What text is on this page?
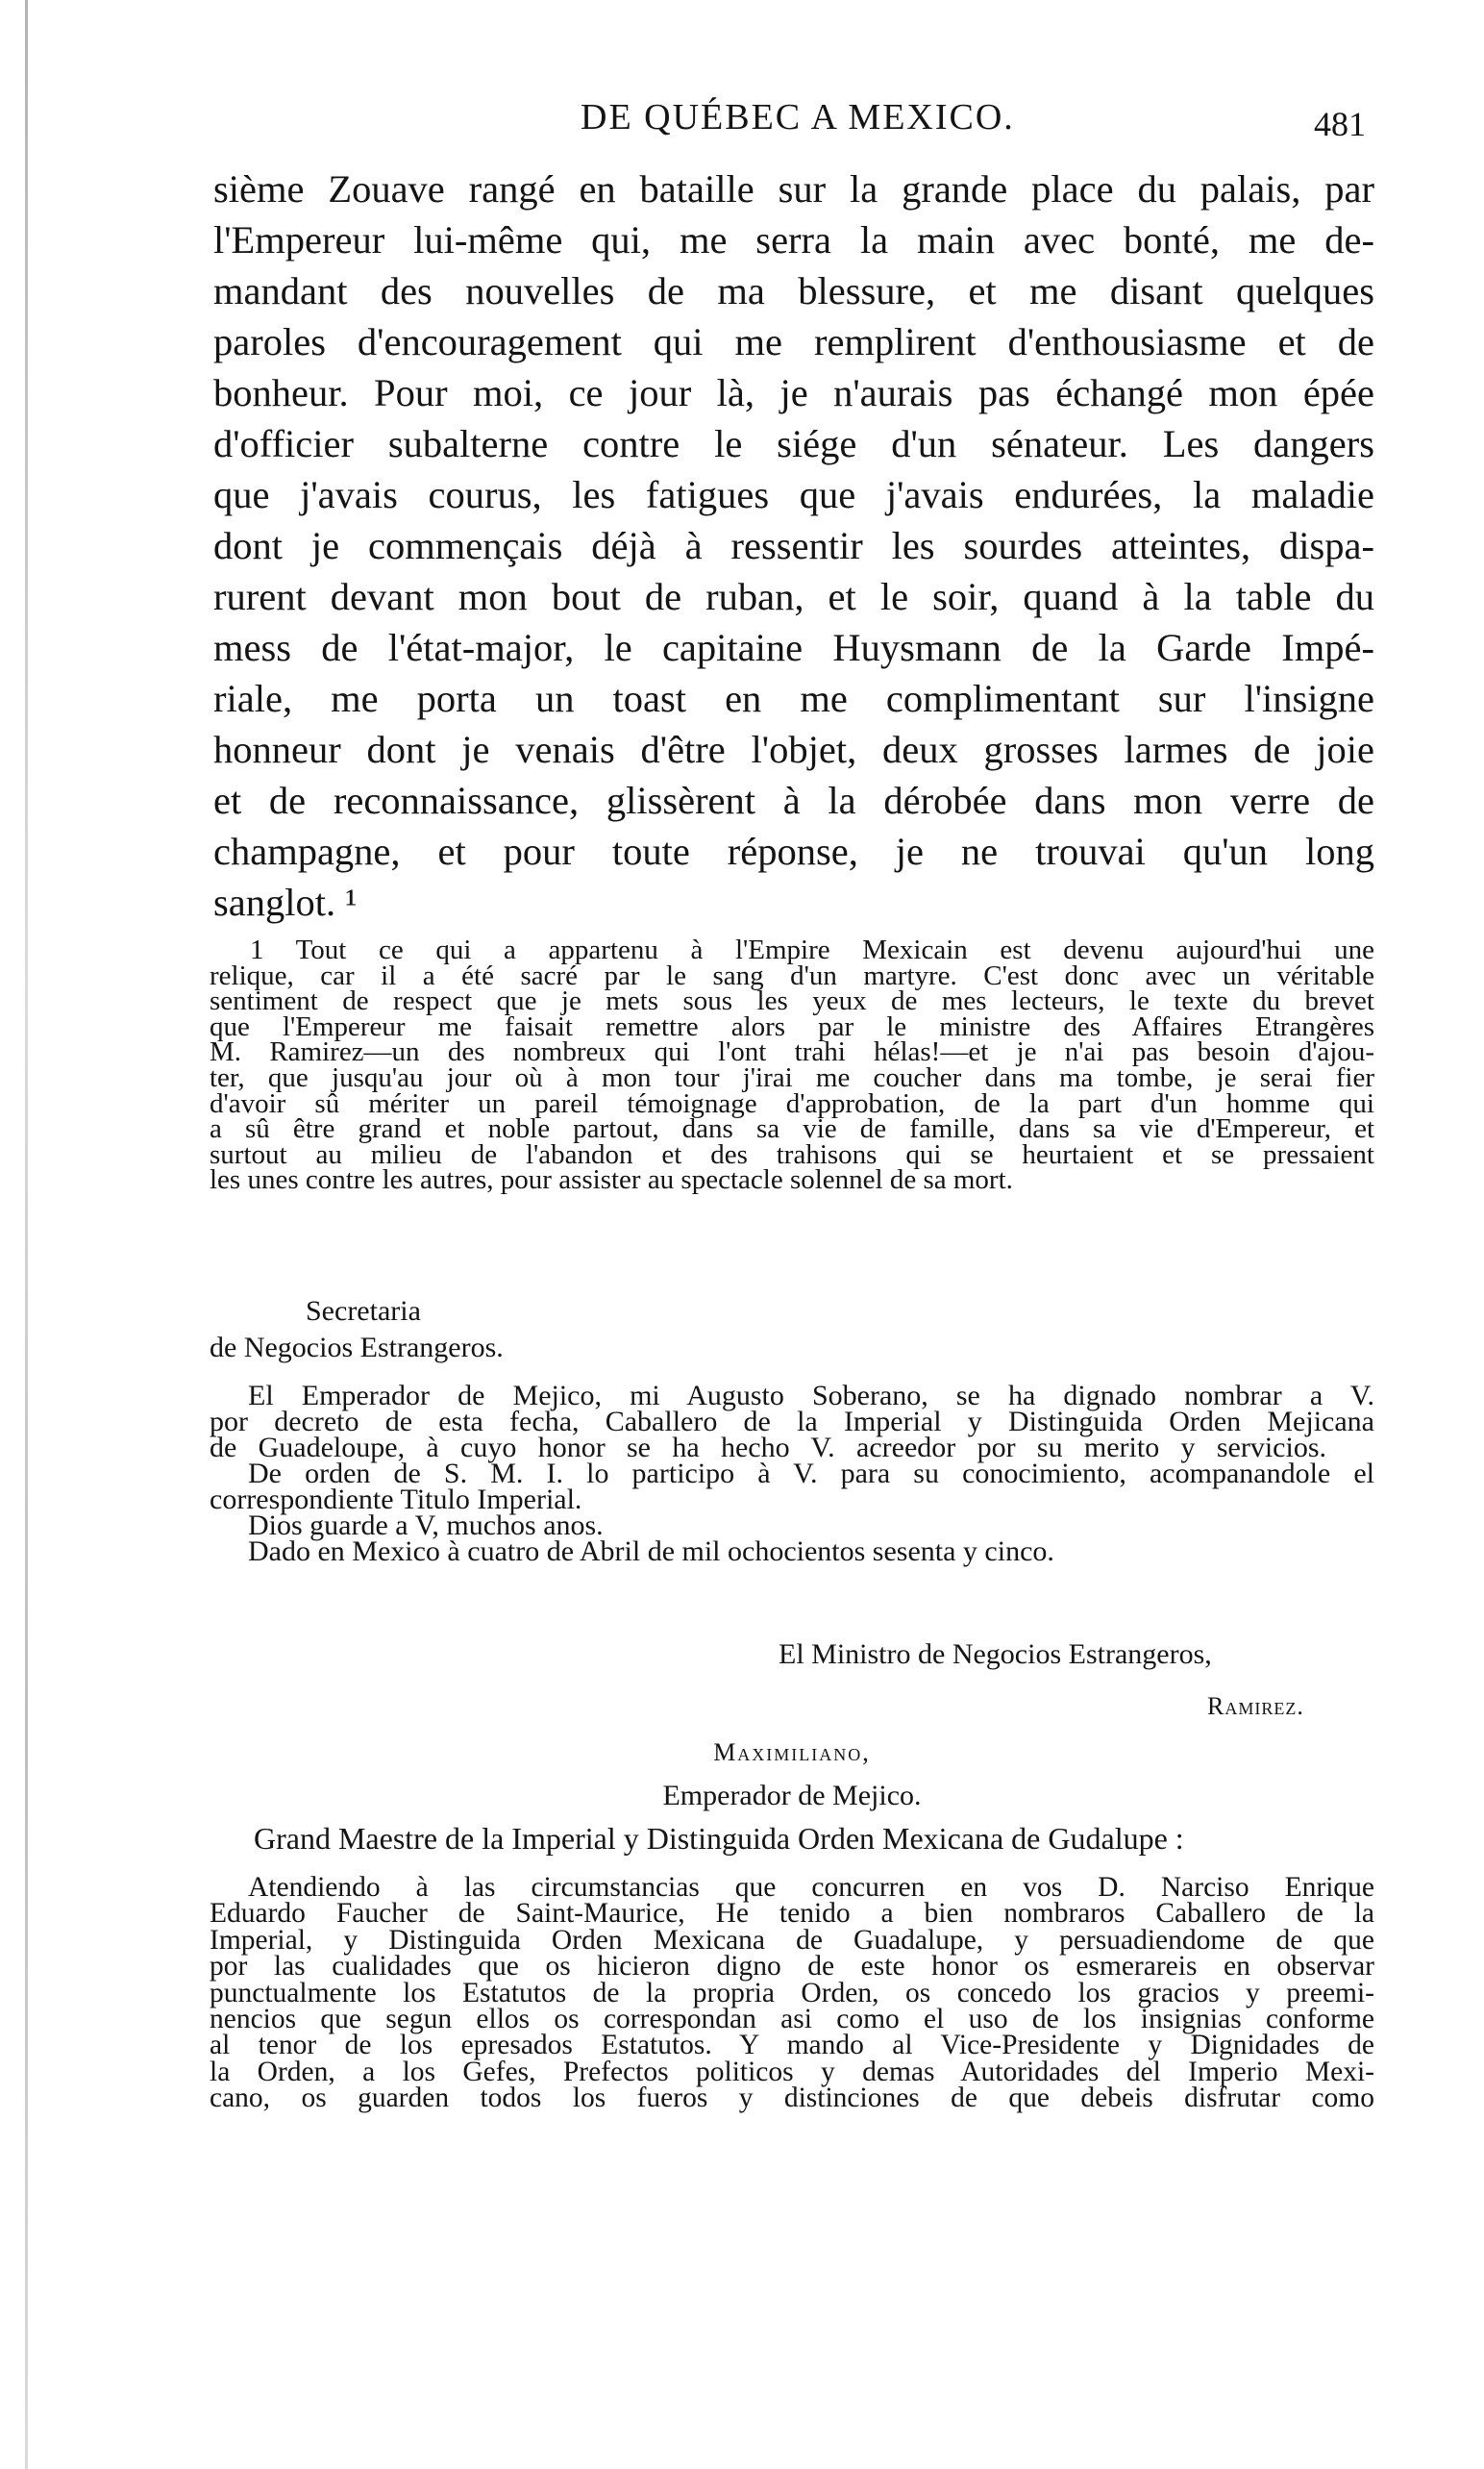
DE QUÉBEC A MEXICO.	481
sième Zouave rangé en bataille sur la grande place du palais, par
l'Empereur lui-même qui, me serra la main avec bonté, me de-
mandant des nouvelles de ma blessure, et me disant quelques
paroles d'encouragement qui me remplirent d'enthousiasme et de
bonheur. Pour moi, ce jour là, je n'aurais pas échangé mon épée
d'officier subalterne contre le siége d'un sénateur. Les dangers
que j'avais courus, les fatigues que j'avais endurées, la maladie
dont je commençais déjà à ressentir les sourdes atteintes, dispa-
rurent devant mon bout de ruban, et le soir, quand à la table du
mess de l'état-major, le capitaine Huysmann de la Garde Impé-
riale, me porta un toast en me complimentant sur l'insigne
honneur dont je venais d'être l'objet, deux grosses larmes de joie
et de reconnaissance, glissèrent à la dérobée dans mon verre de
champagne, et pour toute réponse, je ne trouvai qu'un long
sanglot. ¹
1 Tout ce qui a appartenu à l'Empire Mexicain est devenu aujourd'hui une
relique, car il a été sacré par le sang d'un martyre. C'est donc avec un véritable
sentiment de respect que je mets sous les yeux de mes lecteurs, le texte du brevet
que l'Empereur me faisait remettre alors par le ministre des Affaires Etrangères
M. Ramirez—un des nombreux qui l'ont trahi hélas!—et je n'ai pas besoin d'ajou-
ter, que jusqu'au jour où à mon tour j'irai me coucher dans ma tombe, je serai fier
d'avoir sû mériter un pareil témoignage d'approbation, de la part d'un homme qui
a sû être grand et noble partout, dans sa vie de famille, dans sa vie d'Empereur, et
surtout au milieu de l'abandon et des trahisons qui se heurtaient et se pressaient
les unes contre les autres, pour assister au spectacle solennel de sa mort.
Secretaria
de Negocios Estrangeros.
El Emperador de Mejico, mi Augusto Soberano, se ha dignado nombrar a V.
por decreto de esta fecha, Caballero de la Imperial y Distinguida Orden Mejicana
de Guadeloupe, à cuyo honor se ha hecho V. acreedor por su merito y servicios.
De orden de S. M. I. lo participo à V. para su conocimiento, acompanandole el
correspondiente Titulo Imperial.
Dios guarde a V, muchos anos.
Dado en Mexico à cuatro de Abril de mil ochocientos sesenta y cinco.
El Ministro de Negocios Estrangeros,
Ramirez.
Maximiliano,
Emperador de Mejico.
Grand Maestre de la Imperial y Distinguida Orden Mexicana de Gudalupe :
Atendiendo à las circumstancias que concurren en vos D. Narciso Enrique
Eduardo Faucher de Saint-Maurice, He tenido a bien nombraros Caballero de la
Imperial, y Distinguida Orden Mexicana de Guadalupe, y persuadiendome de que
por las cualidades que os hicieron digno de este honor os esmerareis en observar
punctualmente los Estatutos de la propria Orden, os concedo los gracios y preemi-
nencios que segun ellos os correspondan asi como el uso de los insignias conforme
al tenor de los epresados Estatutos. Y mando al Vice-Presidente y Dignidades de
la Orden, a los Gefes, Prefectos politicos y demas Autoridades del Imperio Mexi-
cano, os guarden todos los fueros y distinciones de que debeis disfrutar como
